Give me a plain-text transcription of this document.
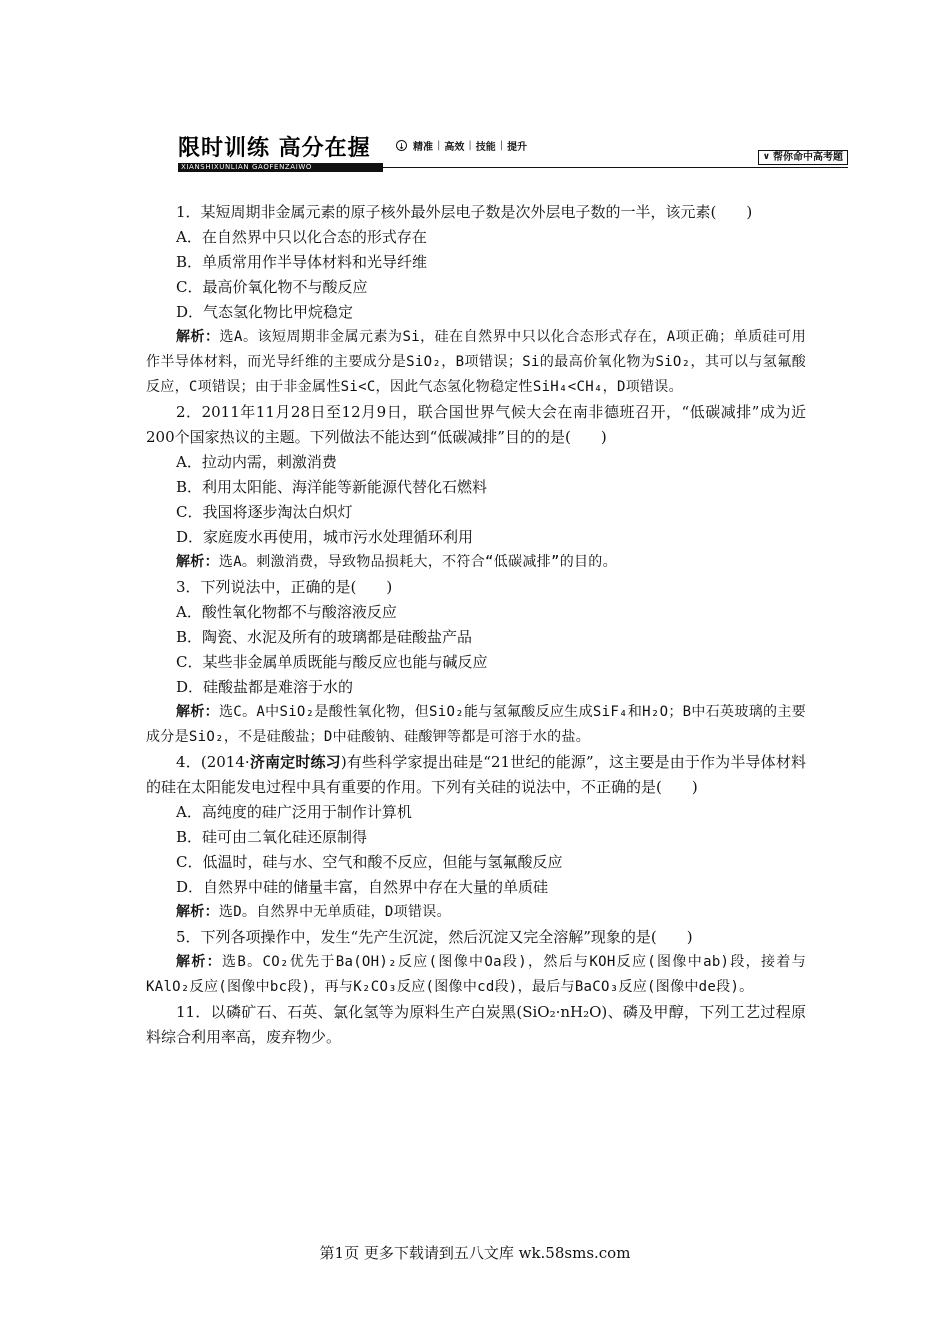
限时训练 高分在握
XIANSHIXUNLIAN GAOFENZAIWO
↓ 精准 | 高效 | 技能 | 提升
∨ 帮你命中高考题

1．某短周期非金属元素的原子核外最外层电子数是次外层电子数的一半，该元素(　　)

A．在自然界中只以化合态的形式存在

B．单质常用作半导体材料和光导纤维

C．最高价氧化物不与酸反应

D．气态氢化物比甲烷稳定

解析：选A。该短周期非金属元素为Si，硅在自然界中只以化合态形式存在，A项正确；单质硅可用作半导体材料，而光导纤维的主要成分是SiO₂，B项错误；Si的最高价氧化物为SiO₂，其可以与氢氟酸反应，C项错误；由于非金属性Si<C，因此气态氢化物稳定性SiH₄<CH₄，D项错误。

2．2011年11月28日至12月9日，联合国世界气候大会在南非德班召开，“低碳减排”成为近200个国家热议的主题。下列做法不能达到“低碳减排”目的的是(　　)

A．拉动内需，刺激消费

B．利用太阳能、海洋能等新能源代替化石燃料

C．我国将逐步淘汰白炽灯

D．家庭废水再使用，城市污水处理循环利用

解析：选A。刺激消费，导致物品损耗大，不符合“低碳减排”的目的。

3．下列说法中，正确的是(　　)

A．酸性氧化物都不与酸溶液反应

B．陶瓷、水泥及所有的玻璃都是硅酸盐产品

C．某些非金属单质既能与酸反应也能与碱反应

D．硅酸盐都是难溶于水的

解析：选C。A中SiO₂是酸性氧化物，但SiO₂能与氢氟酸反应生成SiF₄和H₂O；B中石英玻璃的主要成分是SiO₂，不是硅酸盐；D中硅酸钠、硅酸钾等都是可溶于水的盐。

4．(2014·济南定时练习)有些科学家提出硅是“21世纪的能源”，这主要是由于作为半导体材料的硅在太阳能发电过程中具有重要的作用。下列有关硅的说法中，不正确的是(　　)

A．高纯度的硅广泛用于制作计算机

B．硅可由二氧化硅还原制得

C．低温时，硅与水、空气和酸不反应，但能与氢氟酸反应

D．自然界中硅的储量丰富，自然界中存在大量的单质硅

解析：选D。自然界中无单质硅，D项错误。

5．下列各项操作中，发生“先产生沉淀，然后沉淀又完全溶解”现象的是(　　)

解析：选B。CO₂优先于Ba(OH)₂反应(图像中Oa段)，然后与KOH反应(图像中ab)段，接着与KAlO₂反应(图像中bc段)，再与K₂CO₃反应(图像中cd段)，最后与BaCO₃反应(图像中de段)。

11．以磷矿石、石英、氯化氢等为原料生产白炭黑(SiO₂·nH₂O)、磷及甲醇，下列工艺过程原料综合利用率高，废弃物少。

第1页 更多下载请到五八文库 wk.58sms.com
